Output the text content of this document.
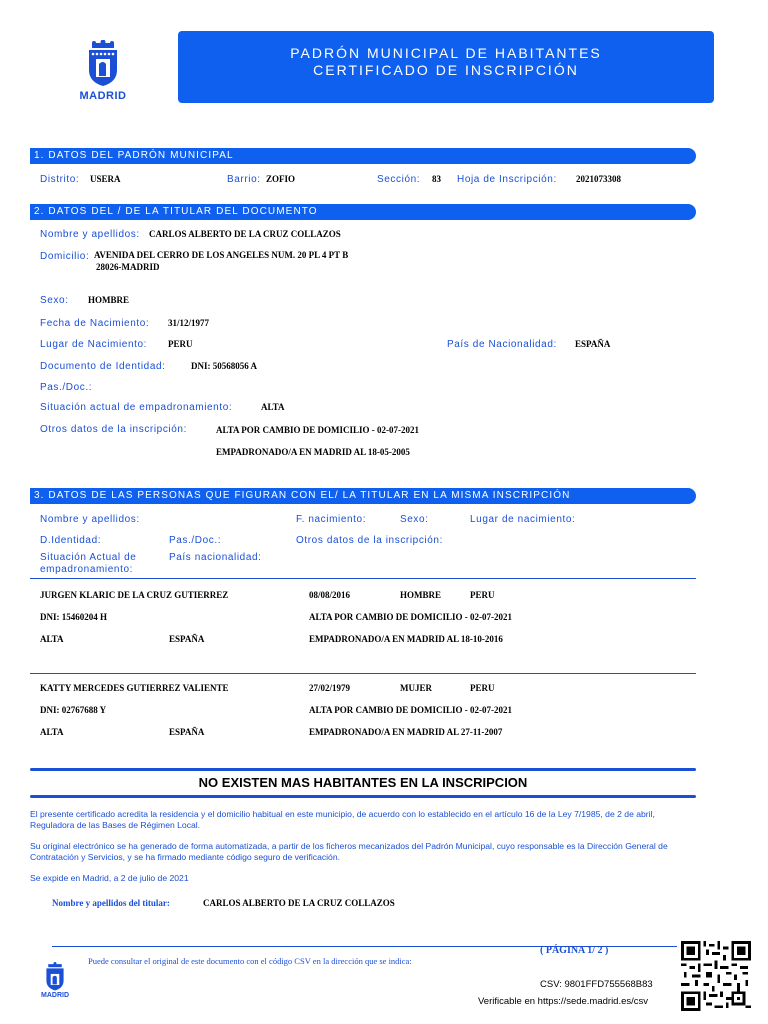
MADRID
PADRÓN MUNICIPAL DE HABITANTES
CERTIFICADO DE INSCRIPCIÓN
1. DATOS DEL PADRÓN MUNICIPAL
Distrito: USERA	Barrio: ZOFIO	Sección: 83 Hoja de Inscripción: 2021073308
2. DATOS DEL / DE LA TITULAR DEL DOCUMENTO
Nombre y apellidos: CARLOS ALBERTO DE LA CRUZ COLLAZOS
Domicilio: AVENIDA DEL CERRO DE LOS ANGELES NUM. 20 PL 4 PT B
28026-MADRID
Sexo: HOMBRE
Fecha de Nacimiento: 31/12/1977
Lugar de Nacimiento: PERU	País de Nacionalidad: ESPAÑA
Documento de Identidad:	DNI: 50568056 A
Pas./Doc.:
Situación actual de empadronamiento:	ALTA
Otros datos de la inscripción:	ALTA POR CAMBIO DE DOMICILIO - 02-07-2021
EMPADRONADO/A EN MADRID AL 18-05-2005
3. DATOS DE LAS PERSONAS QUE FIGURAN CON EL/ LA TITULAR EN LA MISMA INSCRIPCIÓN
Nombre y apellidos:	F. nacimiento:	Sexo:	Lugar de nacimiento:
D.Identidad:	Pas./Doc.:	Otros datos de la inscripción:
Situación Actual de
empadronamiento:
País nacionalidad:
JURGEN KLARIC DE LA CRUZ GUTIERREZ	08/08/2016	HOMBRE	PERU
DNI: 15460204 H	ALTA POR CAMBIO DE DOMICILIO - 02-07-2021
ALTA	ESPAÑA	EMPADRONADO/A EN MADRID AL 18-10-2016
KATTY MERCEDES GUTIERREZ VALIENTE	27/02/1979	MUJER	PERU
DNI: 02767688 Y	ALTA POR CAMBIO DE DOMICILIO - 02-07-2021
ALTA	ESPAÑA	EMPADRONADO/A EN MADRID AL 27-11-2007
NO EXISTEN MAS HABITANTES EN LA INSCRIPCION
El presente certificado acredita la residencia y el domicilio habitual en este municipio, de acuerdo con lo establecido en el artículo 16 de la Ley 7/1985, de 2 de abril, Reguladora de las Bases de Régimen Local.
Su original electrónico se ha generado de forma automatizada, a partir de los ficheros mecanizados del Padrón Municipal, cuyo responsable es la Dirección General de Contratación y Servicios, y se ha firmado mediante código seguro de verificación.
Se expide en Madrid, a 2 de julio de 2021
Nombre y apellidos del titular:	CARLOS ALBERTO DE LA CRUZ COLLAZOS
( PÁGINA 1/ 2 )
Puede consultar el original de este documento con el código CSV en la dirección que se indica:
CSV: 9801FFD755568B83
Verificable en https://sede.madrid.es/csv
MADRID
